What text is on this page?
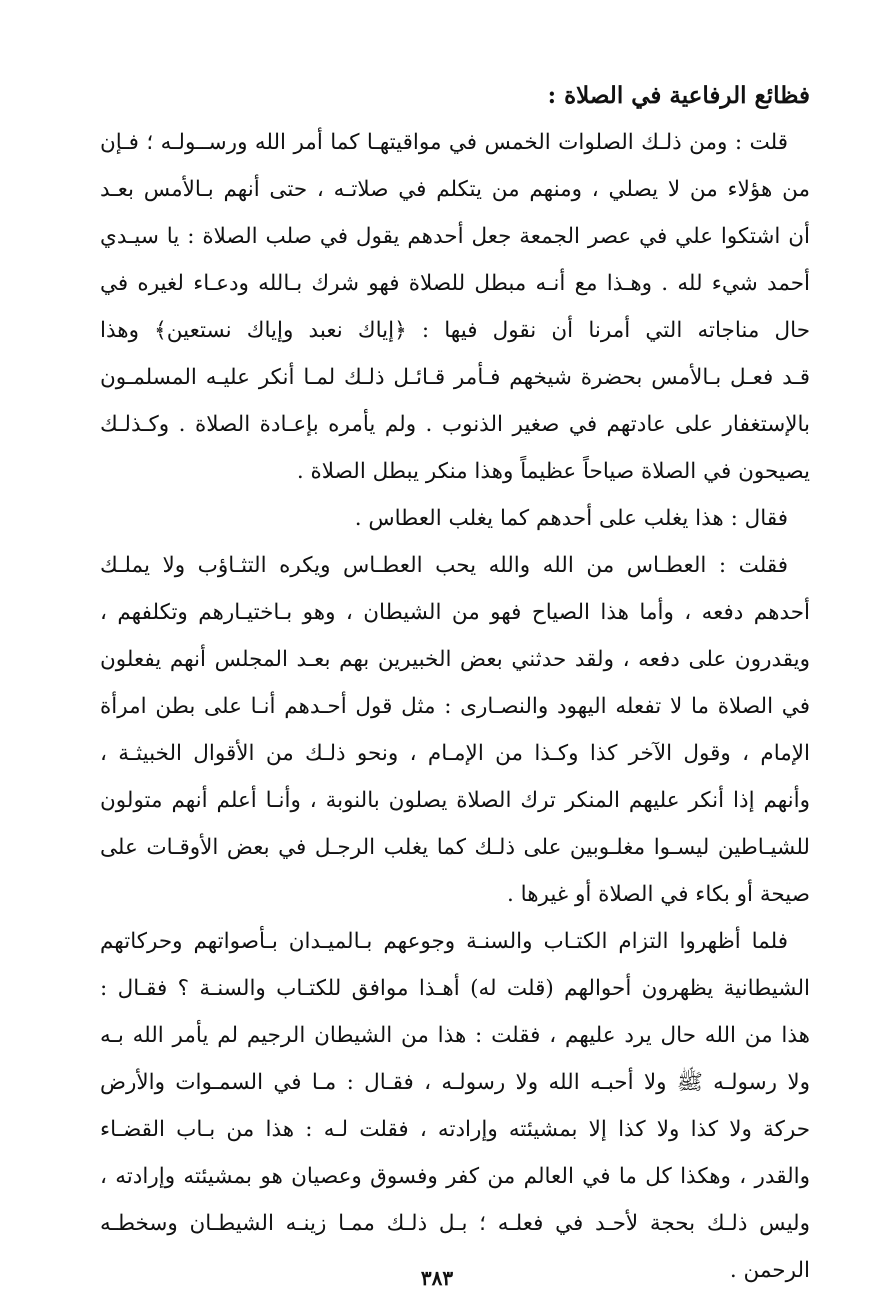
فظائع الرفاعية في الصلاة :
قلت : ومن ذلـك الصلوات الخمس في مواقيتهـا كما أمر الله ورســولـه ؛ فـإن
من هؤلاء من لا يصلي ، ومنهم من يتكلم في صلاتـه ، حتى أنهم بـالأمس بعـد
أن اشتكوا علي في عصر الجمعة جعل أحدهم يقول في صلب الصلاة : يا سيـدي
أحمد شيء لله . وهـذا مع أنـه مبطل للصلاة فهو شرك بـالله ودعـاء لغيره في
حال مناجاته التي أمرنا أن نقول فيها : ﴿إياك نعبد وإياك نستعين﴾ وهذا
قـد فعـل بـالأمس بحضرة شيخهم فـأمر قـائـل ذلـك لمـا أنكر عليـه المسلمـون
بالإستغفار على عادتهم في صغير الذنوب . ولم يأمره بإعـادة الصلاة . وكـذلـك
يصيحون في الصلاة صياحاً عظيماً وهذا منكر يبطل الصلاة .
فقال : هذا يغلب على أحدهم كما يغلب العطاس .
فقلت : العطـاس من الله والله يحب العطـاس ويكره التثـاؤب ولا يملـك
أحدهم دفعه ، وأما هذا الصياح فهو من الشيطان ، وهو بـاختيـارهم وتكلفهم ،
ويقدرون على دفعه ، ولقد حدثني بعض الخبيرين بهم بعـد المجلس أنهم يفعلون
في الصلاة ما لا تفعله اليهود والنصـارى : مثل قول أحـدهم أنـا على بطن امرأة
الإمام ، وقول الآخر كذا وكـذا من الإمـام ، ونحو ذلـك من الأقوال الخبيثـة ،
وأنهم إذا أنكر عليهم المنكر ترك الصلاة يصلون بالنوبة ، وأنـا أعلم أنهم متولون
للشيـاطين ليسـوا مغلـوبين على ذلـك كما يغلب الرجـل في بعض الأوقـات على
صيحة أو بكاء في الصلاة أو غيرها .
فلما أظهروا التزام الكتـاب والسنـة وجوعهم بـالميـدان بـأصواتهم وحركاتهم
الشيطانية يظهرون أحوالهم (قلت له) أهـذا موافق للكتـاب والسنـة ؟ فقـال :
هذا من الله حال يرد عليهم ، فقلت : هذا من الشيطان الرجيم لم يأمر الله بـه
ولا رسولـه ﷺ ولا أحبـه الله ولا رسولـه ، فقـال : مـا في السمـوات والأرض
حركة ولا كذا ولا كذا إلا بمشيئته وإرادته ، فقلت لـه : هذا من بـاب القضـاء
والقدر ، وهكذا كل ما في العالم من كفر وفسوق وعصيان هو بمشيئته وإرادته ،
وليس ذلـك بحجة لأحـد في فعلـه ؛ بـل ذلـك ممـا زينـه الشيطـان وسخطـه
الرحمن .
٣٨٣
